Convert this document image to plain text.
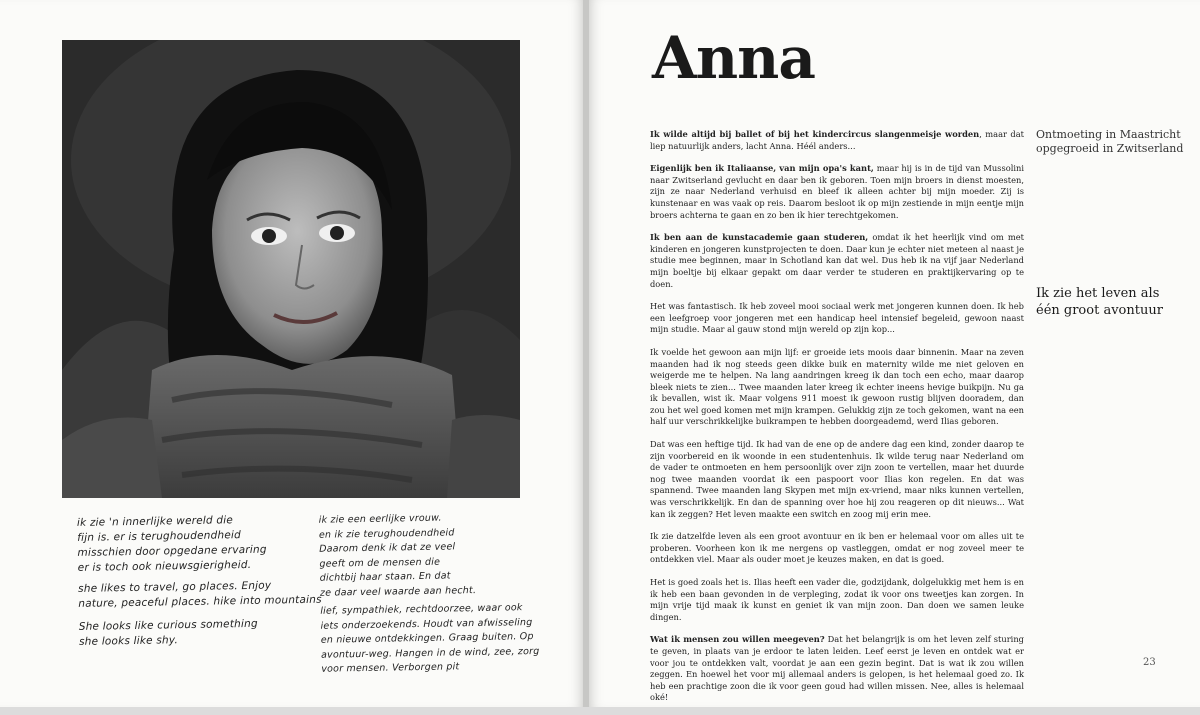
ik zie 'n innerlijke wereld die
fijn is. er is terughoudendheid
misschien door opgedane ervaring
er is toch ook nieuwsgierigheid.
she likes to travel, go places. Enjoy
nature, peaceful places. hike into mountains
She looks like curious something
she looks like shy.
ik zie een eerlijke vrouw.
en ik zie terughoudendheid
Daarom denk ik dat ze veel
geeft om de mensen die
dichtbij haar staan. En dat
ze daar veel waarde aan hecht.
lief, sympathiek, rechtdoorzee, waar ook
iets onderzoekends. Houdt van afwisseling
en nieuwe ontdekkingen. Graag buiten. Op
avontuur-weg. Hangen in de wind, zee, zorg
voor mensen. Verborgen pit
Anna

Ik wilde altijd bij ballet of bij het kindercircus slangenmeisje worden, maar dat liep natuurlijk anders, lacht Anna. Héél anders...

Eigenlijk ben ik Italiaanse, van mijn opa's kant, maar hij is in de tijd van Mussolini naar Zwitserland gevlucht en daar ben ik geboren. Toen mijn broers in dienst moesten, zijn ze naar Nederland verhuisd en bleef ik alleen achter bij mijn moeder. Zij is kunstenaar en was vaak op reis. Daarom besloot ik op mijn zestiende in mijn eentje mijn broers achterna te gaan en zo ben ik hier terechtgekomen.

Ik ben aan de kunstacademie gaan studeren, omdat ik het heerlijk vind om met kinderen en jongeren kunstprojecten te doen. Daar kun je echter niet meteen al naast je studie mee beginnen, maar in Schotland kan dat wel. Dus heb ik na vijf jaar Nederland mijn boeltje bij elkaar gepakt om daar verder te studeren en praktijkervaring op te doen.

Het was fantastisch. Ik heb zoveel mooi sociaal werk met jongeren kunnen doen. Ik heb een leefgroep voor jongeren met een handicap heel intensief begeleid, gewoon naast mijn studie. Maar al gauw stond mijn wereld op zijn kop...

Ik voelde het gewoon aan mijn lijf: er groeide iets moois daar binnenin. Maar na zeven maanden had ik nog steeds geen dikke buik en maternity wilde me niet geloven en weigerde me te helpen. Na lang aandringen kreeg ik dan toch een echo, maar daarop bleek niets te zien... Twee maanden later kreeg ik echter ineens hevige buikpijn. Nu ga ik bevallen, wist ik. Maar volgens 911 moest ik gewoon rustig blijven dooradem, dan zou het wel goed komen met mijn krampen. Gelukkig zijn ze toch gekomen, want na een half uur verschrikkelijke buikrampen te hebben doorgeademd, werd Ilias geboren.

Dat was een heftige tijd. Ik had van de ene op de andere dag een kind, zonder daarop te zijn voorbereid en ik woonde in een studentenhuis. Ik wilde terug naar Nederland om de vader te ontmoeten en hem persoonlijk over zijn zoon te vertellen, maar het duurde nog twee maanden voordat ik een paspoort voor Ilias kon regelen. En dat was spannend. Twee maanden lang Skypen met mijn ex-vriend, maar niks kunnen vertellen, was verschrikkelijk. En dan de spanning over hoe hij zou reageren op dit nieuws... Wat kan ik zeggen? Het leven maakte een switch en zoog mij erin mee.

Ik zie datzelfde leven als een groot avontuur en ik ben er helemaal voor om alles uit te proberen. Voorheen kon ik me nergens op vastleggen, omdat er nog zoveel meer te ontdekken viel. Maar als ouder moet je keuzes maken, en dat is goed.

Het is goed zoals het is. Ilias heeft een vader die, godzijdank, dolgelukkig met hem is en ik heb een baan gevonden in de verpleging, zodat ik voor ons tweetjes kan zorgen. In mijn vrije tijd maak ik kunst en geniet ik van mijn zoon. Dan doen we samen leuke dingen.

Wat ik mensen zou willen meegeven? Dat het belangrijk is om het leven zelf sturing te geven, in plaats van je erdoor te laten leiden. Leef eerst je leven en ontdek wat er voor jou te ontdekken valt, voordat je aan een gezin begint. Dat is wat ik zou willen zeggen. En hoewel het voor mij allemaal anders is gelopen, is het helemaal goed zo. Ik heb een prachtige zoon die ik voor geen goud had willen missen. Nee, alles is helemaal oké!

Ontmoeting in Maastricht
opgegroeid in Zwitserland
Ik zie het leven als
één groot avontuur
23
